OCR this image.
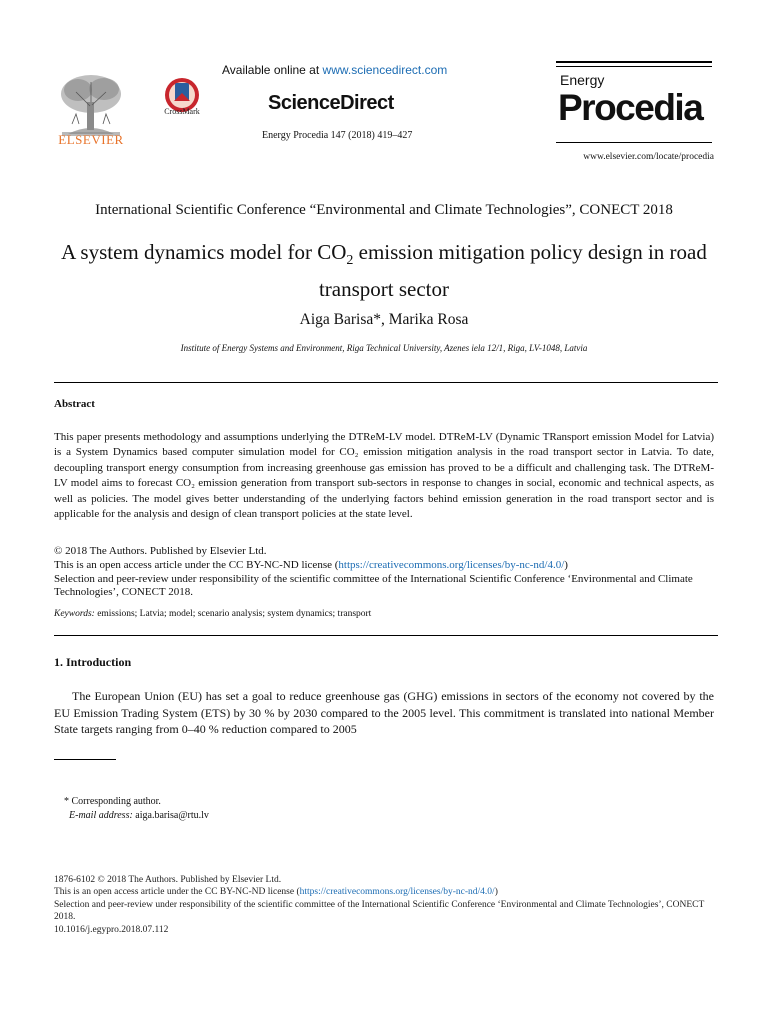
ELSEVIER
CrossMark
Available online at www.sciencedirect.com
ScienceDirect
Energy Procedia 147 (2018) 419–427
Energy
Procedia
www.elsevier.com/locate/procedia
International Scientific Conference “Environmental and Climate Technologies”, CONECT 2018
A system dynamics model for $CO_2$ emission mitigation policy design in road transport sector
Aiga Barisa*, Marika Rosa
Institute of Energy Systems and Environment, Riga Technical University, Azenes iela 12/1, Riga, LV-1048, Latvia
Abstract
This paper presents methodology and assumptions underlying the DTReM-LV model. DTReM-LV (Dynamic TRansport emission Model for Latvia) is a System Dynamics based computer simulation model for CO₂ emission mitigation analysis in the road transport sector in Latvia. To date, decoupling transport energy consumption from increasing greenhouse gas emission has proved to be a difficult and challenging task. The DTReM-LV model aims to forecast CO₂ emission generation from transport sub-sectors in response to changes in social, economic and technical aspects, as well as policies. The model gives better understanding of the underlying factors behind emission generation in the road transport sector and is applicable for the analysis and design of clean transport policies at the state level.
© 2018 The Authors. Published by Elsevier Ltd.
This is an open access article under the CC BY-NC-ND license (https://creativecommons.org/licenses/by-nc-nd/4.0/)
Selection and peer-review under responsibility of the scientific committee of the International Scientific Conference ‘Environmental and Climate Technologies’, CONECT 2018.
Keywords: emissions; Latvia; model; scenario analysis; system dynamics; transport
1. Introduction
The European Union (EU) has set a goal to reduce greenhouse gas (GHG) emissions in sectors of the economy not covered by the EU Emission Trading System (ETS) by 30 % by 2030 compared to the 2005 level. This commitment is translated into national Member State targets ranging from 0–40 % reduction compared to 2005
* Corresponding author.
E-mail address: aiga.barisa@rtu.lv
1876-6102 © 2018 The Authors. Published by Elsevier Ltd.
This is an open access article under the CC BY-NC-ND license (https://creativecommons.org/licenses/by-nc-nd/4.0/)
Selection and peer-review under responsibility of the scientific committee of the International Scientific Conference ‘Environmental and Climate Technologies’, CONECT 2018.
10.1016/j.egypro.2018.07.112
